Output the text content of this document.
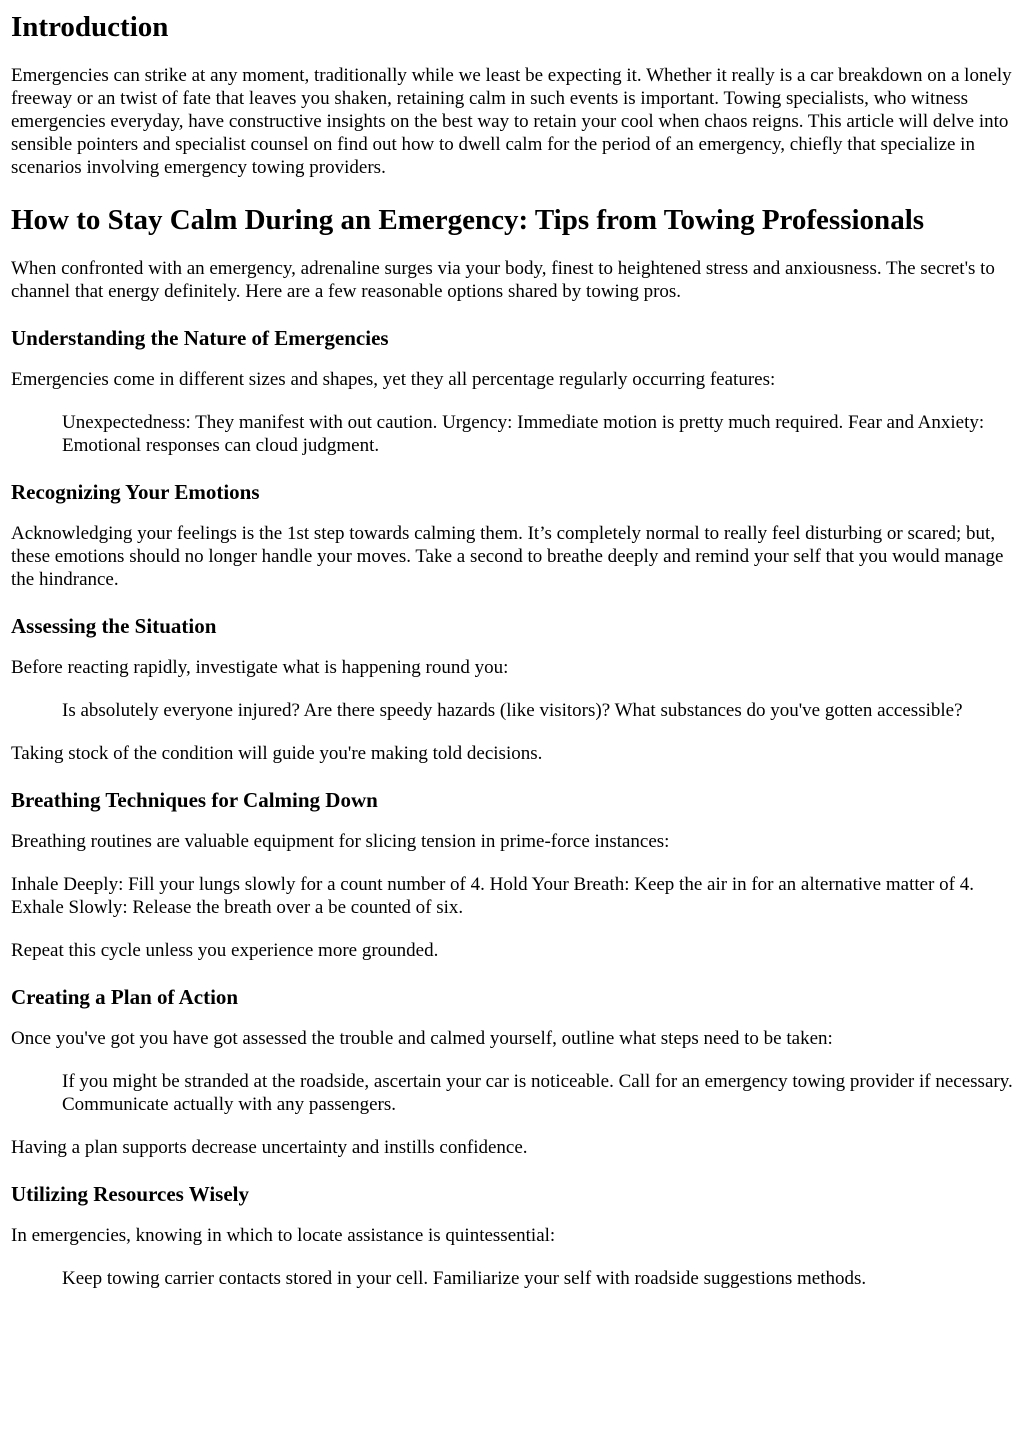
Introduction

Emergencies can strike at any moment, traditionally while we least be expecting it. Whether it really is a car breakdown on a lonely freeway or an twist of fate that leaves you shaken, retaining calm in such events is important. Towing specialists, who witness emergencies everyday, have constructive insights on the best way to retain your cool when chaos reigns. This article will delve into sensible pointers and specialist counsel on find out how to dwell calm for the period of an emergency, chiefly that specialize in scenarios involving emergency towing providers.

How to Stay Calm During an Emergency: Tips from Towing Professionals

When confronted with an emergency, adrenaline surges via your body, finest to heightened stress and anxiousness. The secret's to channel that energy definitely. Here are a few reasonable options shared by towing pros.

Understanding the Nature of Emergencies

Emergencies come in different sizes and shapes, yet they all percentage regularly occurring features:

Unexpectedness: They manifest with out caution. Urgency: Immediate motion is pretty much required. Fear and Anxiety: Emotional responses can cloud judgment.
Recognizing Your Emotions

Acknowledging your feelings is the 1st step towards calming them. It’s completely normal to really feel disturbing or scared; but, these emotions should no longer handle your moves. Take a second to breathe deeply and remind your self that you would manage the hindrance.

Assessing the Situation

Before reacting rapidly, investigate what is happening round you:

Is absolutely everyone injured? Are there speedy hazards (like visitors)? What substances do you've gotten accessible?

Taking stock of the condition will guide you're making told decisions.

Breathing Techniques for Calming Down

Breathing routines are valuable equipment for slicing tension in prime-force instances:

Inhale Deeply: Fill your lungs slowly for a count number of 4. Hold Your Breath: Keep the air in for an alternative matter of 4. Exhale Slowly: Release the breath over a be counted of six.

Repeat this cycle unless you experience more grounded.

Creating a Plan of Action

Once you've got you have got assessed the trouble and calmed yourself, outline what steps need to be taken:

If you might be stranded at the roadside, ascertain your car is noticeable. Call for an emergency towing provider if necessary. Communicate actually with any passengers.

Having a plan supports decrease uncertainty and instills confidence.

Utilizing Resources Wisely

In emergencies, knowing in which to locate assistance is quintessential:

Keep towing carrier contacts stored in your cell. Familiarize your self with roadside suggestions methods.
